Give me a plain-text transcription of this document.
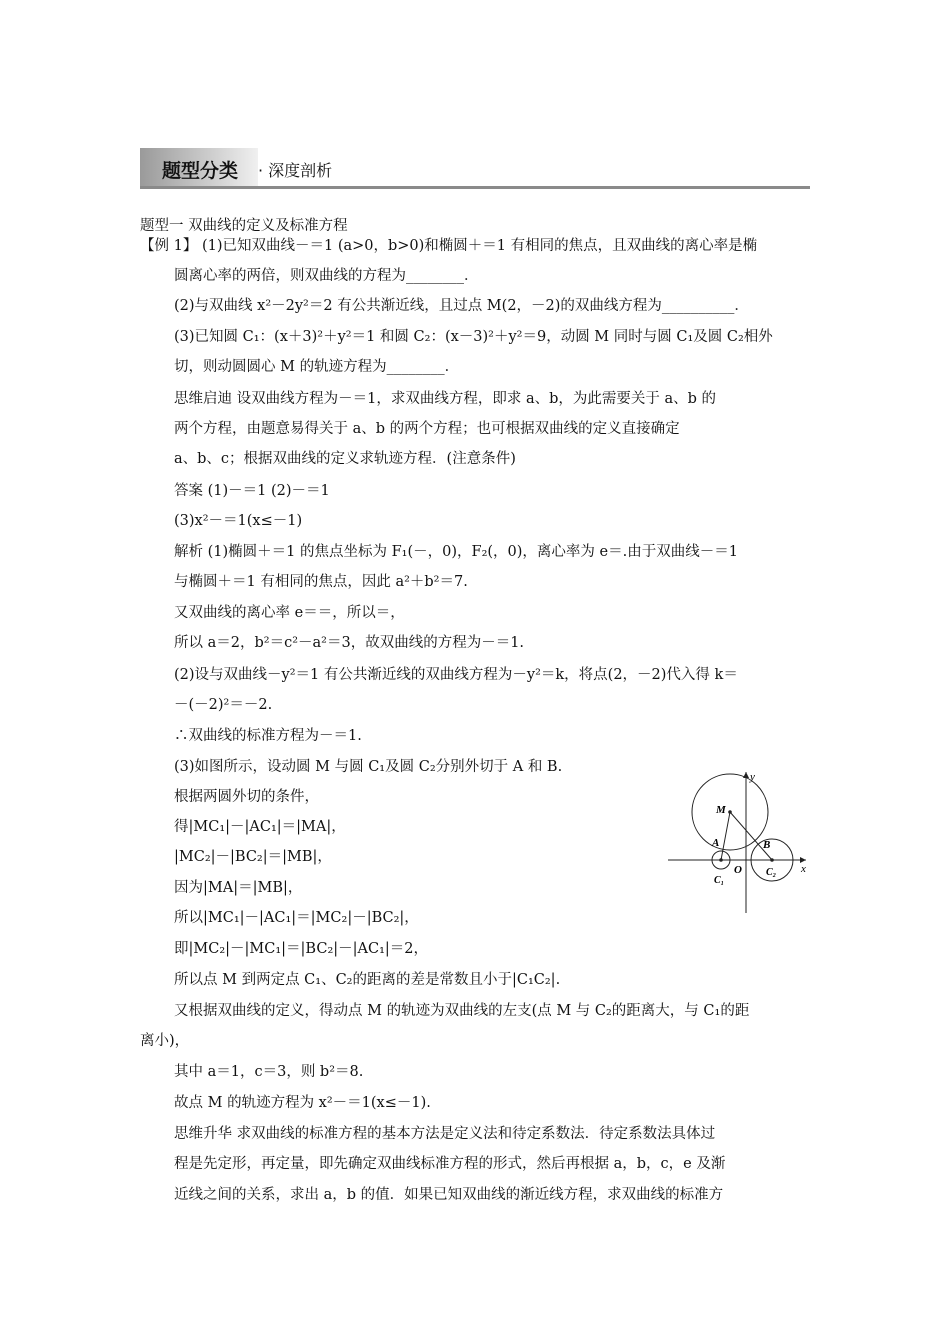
题型分类 · 深度剖析
题型一 双曲线的定义及标准方程
【例 1】 (1)已知双曲线－＝1 (a>0，b>0)和椭圆＋＝1 有相同的焦点，且双曲线的离心率是椭
圆离心率的两倍，则双曲线的方程为________．
(2)与双曲线 x²－2y²＝2 有公共渐近线，且过点 M(2，－2)的双曲线方程为__________．
(3)已知圆 C₁：(x＋3)²＋y²＝1 和圆 C₂：(x－3)²＋y²＝9，动圆 M 同时与圆 C₁及圆 C₂相外
切，则动圆圆心 M 的轨迹方程为________．
思维启迪 设双曲线方程为－＝1，求双曲线方程，即求 a、b，为此需要关于 a、b 的
两个方程，由题意易得关于 a、b 的两个方程；也可根据双曲线的定义直接确定
a、b、c；根据双曲线的定义求轨迹方程．(注意条件)
答案 (1)－＝1 (2)－＝1
(3)x²－＝1(x≤－1)
解析 (1)椭圆＋＝1 的焦点坐标为 F₁(－，0)，F₂(，0)，离心率为 e＝.由于双曲线－＝1
与椭圆＋＝1 有相同的焦点，因此 a²＋b²＝7.
又双曲线的离心率 e＝＝，所以＝，
所以 a＝2，b²＝c²－a²＝3，故双曲线的方程为－＝1.
(2)设与双曲线－y²＝1 有公共渐近线的双曲线方程为－y²＝k，将点(2，－2)代入得 k＝
－(－2)²＝－2.
∴双曲线的标准方程为－＝1.
(3)如图所示，设动圆 M 与圆 C₁及圆 C₂分别外切于 A 和 B.
根据两圆外切的条件，
得|MC₁|－|AC₁|＝|MA|，
|MC₂|－|BC₂|＝|MB|，
因为|MA|＝|MB|，
所以|MC₁|－|AC₁|＝|MC₂|－|BC₂|，
即|MC₂|－|MC₁|＝|BC₂|－|AC₁|＝2，
所以点 M 到两定点 C₁、C₂的距离的差是常数且小于|C₁C₂|.
又根据双曲线的定义，得动点 M 的轨迹为双曲线的左支(点 M 与 C₂的距离大，与 C₁的距
离小)，
其中 a＝1，c＝3，则 b²＝8.
故点 M 的轨迹方程为 x²－＝1(x≤－1).
思维升华 求双曲线的标准方程的基本方法是定义法和待定系数法．待定系数法具体过
程是先定形，再定量，即先确定双曲线标准方程的形式，然后再根据 a，b，c，e 及渐
近线之间的关系，求出 a，b 的值．如果已知双曲线的渐近线方程，求双曲线的标准方
y
x
M
A	B
O
C₁
C₂
